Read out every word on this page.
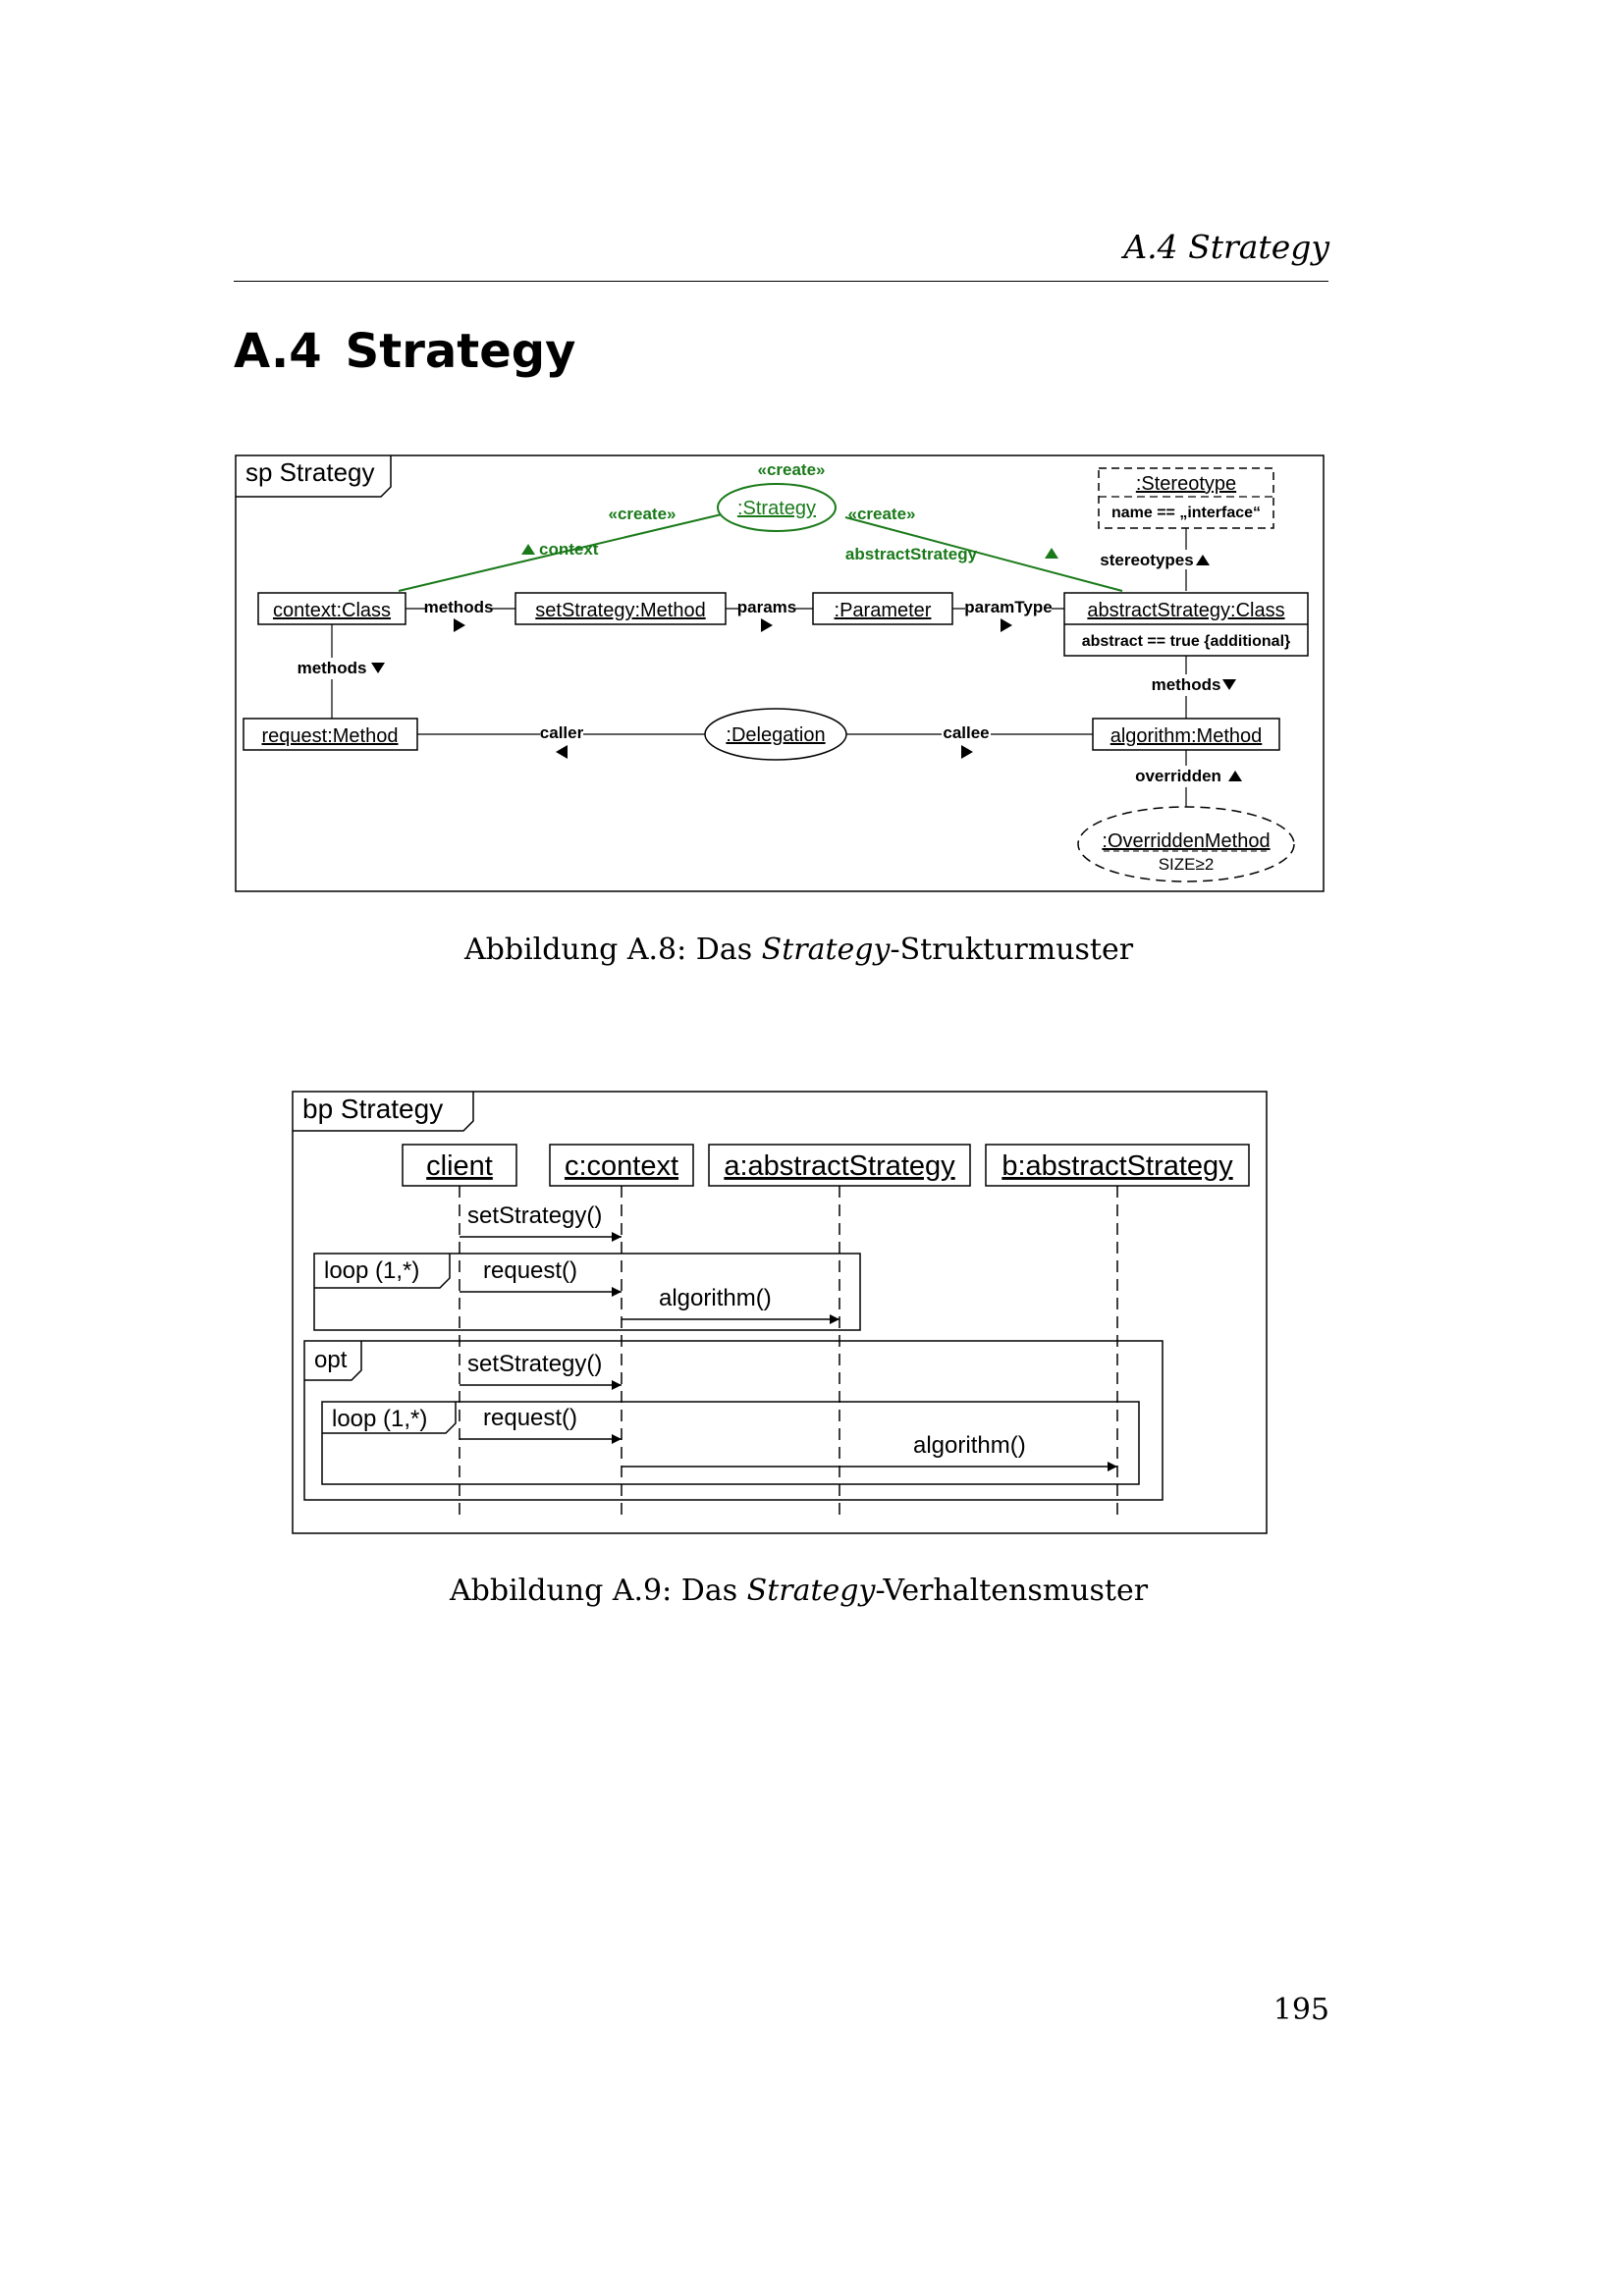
A.4 Strategy
A.4 Strategy
sp Strategy
:Strategy
«create»
«create»	«create»
context	abstractStrategy
:Stereotype
name == „interface“
stereotypes
context:Class methods setStrategy:Method params :Parameter paramType abstractStrategy:Class
abstract == true {additional}
methods
methods
request:Method	caller	:Delegation	callee	algorithm:Method
overridden
:OverriddenMethod
SIZE≥2
Abbildung A.8: Das Strategy-Strukturmuster
bp Strategy
client	c:context a:abstractStrategy b:abstractStrategy
setStrategy()
loop (1,*)	request()
algorithm()
opt	setStrategy()
loop (1,*) request()
algorithm()
Abbildung A.9: Das Strategy-Verhaltensmuster
195
